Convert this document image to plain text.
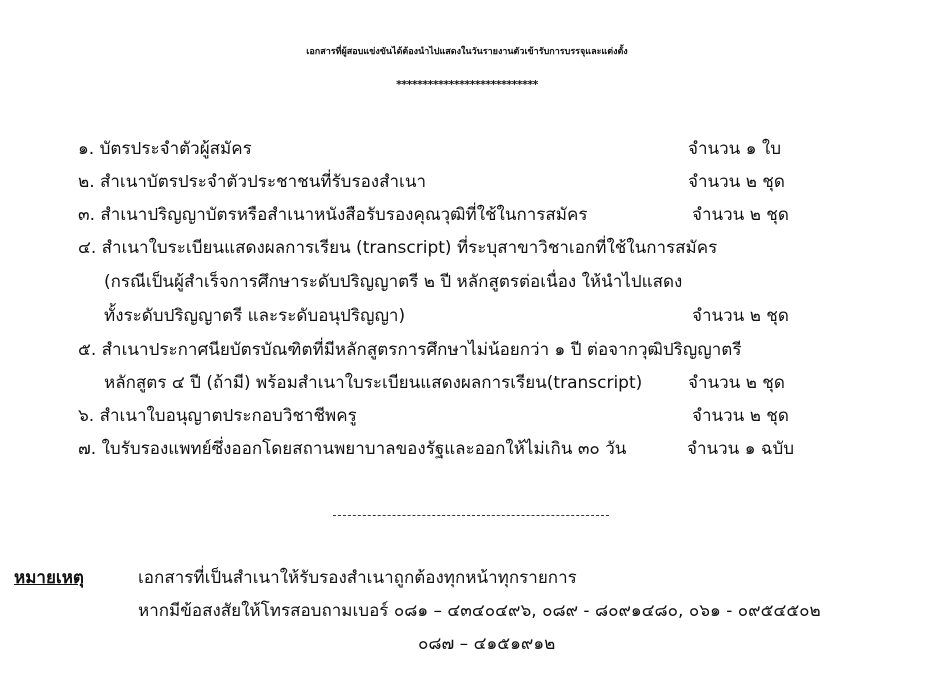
เอกสารที่ผู้สอบแข่งขันได้ต้องนำไปแสดงในวันรายงานตัวเข้ารับการบรรจุและแต่งตั้ง
***************************
๑. บัตรประจำตัวผู้สมัคร	จำนวน ๑ ใบ
๒. สำเนาบัตรประจำตัวประชาชนที่รับรองสำเนา	จำนวน ๒ ชุด
๓. สำเนาปริญญาบัตรหรือสำเนาหนังสือรับรองคุณวุฒิที่ใช้ในการสมัคร	จำนวน ๒ ชุด
๔. สำเนาใบระเบียนแสดงผลการเรียน (transcript) ที่ระบุสาขาวิชาเอกที่ใช้ในการสมัคร
(กรณีเป็นผู้สำเร็จการศึกษาระดับปริญญาตรี ๒ ปี หลักสูตรต่อเนื่อง ให้นำไปแสดง
ทั้งระดับปริญญาตรี และระดับอนุปริญญา)	จำนวน ๒ ชุด
๕. สำเนาประกาศนียบัตรบัณฑิตที่มีหลักสูตรการศึกษาไม่น้อยกว่า ๑ ปี ต่อจากวุฒิปริญญาตรี
หลักสูตร ๔ ปี (ถ้ามี) พร้อมสำเนาใบระเบียนแสดงผลการเรียน(transcript)	จำนวน ๒ ชุด
๖. สำเนาใบอนุญาตประกอบวิชาชีพครู	จำนวน ๒ ชุด
๗. ใบรับรองแพทย์ซึ่งออกโดยสถานพยาบาลของรัฐและออกให้ไม่เกิน ๓๐ วัน	จำนวน ๑ ฉบับ
หมายเหตุ	เอกสารที่เป็นสำเนาให้รับรองสำเนาถูกต้องทุกหน้าทุกรายการ
หากมีข้อสงสัยให้โทรสอบถามเบอร์ ๐๘๑ – ๔๓๔๐๔๙๖, ๐๘๙ - ๘๐๙๑๔๘๐, ๐๖๑ - ๐๙๕๔๕๐๒
๐๘๗ – ๔๑๕๑๙๑๒
